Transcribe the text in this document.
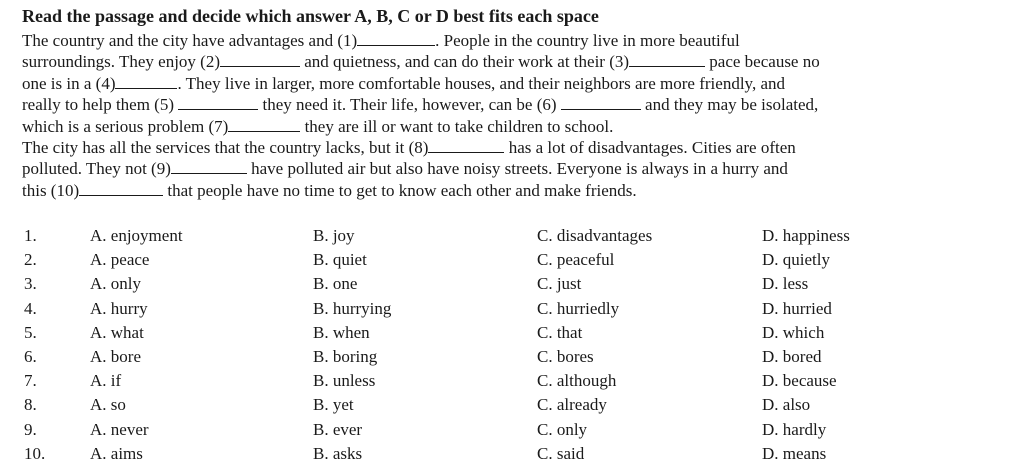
Read the passage and decide which answer A, B, C or D best fits each space
The country and the city have advantages and (1)	. People in the country live in more beautiful
surroundings. They enjoy (2)	and quietness, and can do their work at their (3)	pace because no
one is in a (4)	. They live in larger, more comfortable houses, and their neighbors are more friendly, and
really to help them (5)	they need it. Their life, however, can be (6)	and they may be isolated,
which is a serious problem (7)	they are ill or want to take children to school.
The city has all the services that the country lacks, but it (8)	has a lot of disadvantages. Cities are often
polluted. They not (9)	have polluted air but also have noisy streets. Everyone is always in a hurry and
this (10)	that people have no time to get to know each other and make friends.
1.	A. enjoyment	B. joy	C. disadvantages	D. happiness
2.	A. peace	B. quiet	C. peaceful	D. quietly
3.	A. only	B. one	C. just	D. less
4.	A. hurry	B. hurrying	C. hurriedly	D. hurried
5.	A. what	B. when	C. that	D. which
6.	A. bore	B. boring	C. bores	D. bored
7.	A. if	B. unless	C. although	D. because
8.	A. so	B. yet	C. already	D. also
9.	A. never	B. ever	C. only	D. hardly
10.	A. aims	B. asks	C. said	D. means
